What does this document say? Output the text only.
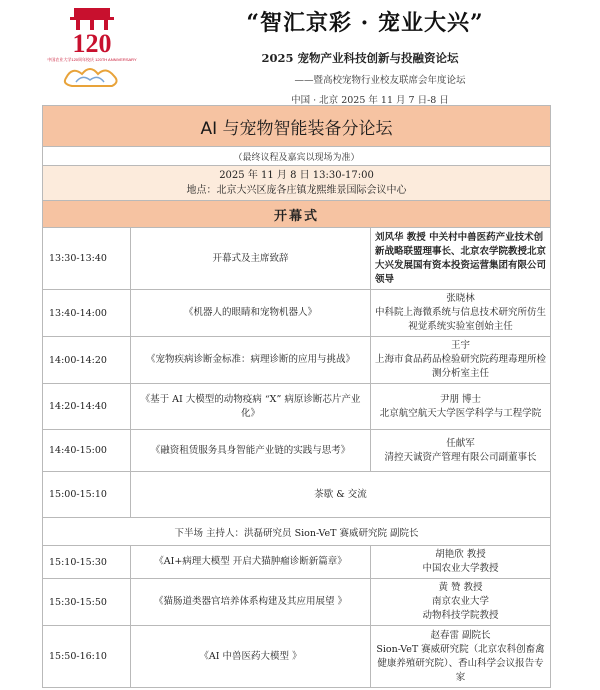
120
中国农业大学120周年校庆 120TH ANNIVERSARY
“智汇京彩 · 宠业大兴”
2025 宠物产业科技创新与投融资论坛
——暨高校宠物行业校友联席会年度论坛
中国 · 北京 2025 年 11 月 7 日-8 日
AI 与宠物智能装备分论坛		
（最终议程及嘉宾以现场为准）		

2025 年 11 月 8 日 13:30-17:00
地点：北京大兴区庞各庄镇龙熙维景国际会议中心		

开幕式		
13:30-13:40	开幕式及主席致辞	刘风华 教授 中关村中兽医药产业技术创新战略联盟理事长、北京农学院教授北京大兴发展国有资本投资运营集团有限公司领导
13:40-14:00	《机器人的眼睛和宠物机器人》	张晓林
中科院上海微系统与信息技术研究所仿生视觉系统实验室创始主任
14:00-14:20	《宠物疾病诊断金标准：病理诊断的应用与挑战》	王宇
上海市食品药品检验研究院药理毒理所检测分析室主任
14:20-14:40	《基于 AI 大模型的动物疫病 “X” 病原诊断芯片产业化》	尹朋 博士
北京航空航天大学医学科学与工程学院
14:40-15:00	《融资租赁服务具身智能产业链的实践与思考》	任献军
清控天诚资产管理有限公司副董事长
15:00-15:10	茶歇 & 交流	
下半场 主持人：洪磊研究员 Sion-VeT 赛威研究院 副院长		
15:10-15:30	《AI+病理大模型 开启犬猫肿瘤诊断新篇章》	胡艳欣 教授
中国农业大学教授
15:30-15:50	《猫肠道类器官培养体系构建及其应用展望 》	黄 赞 教授
南京农业大学
动物科技学院教授
15:50-16:10	《AI 中兽医药大模型 》	赵春雷 副院长
Sion-VeT 赛威研究院（北京农科创畜禽健康养殖研究院）、香山科学会议报告专家
